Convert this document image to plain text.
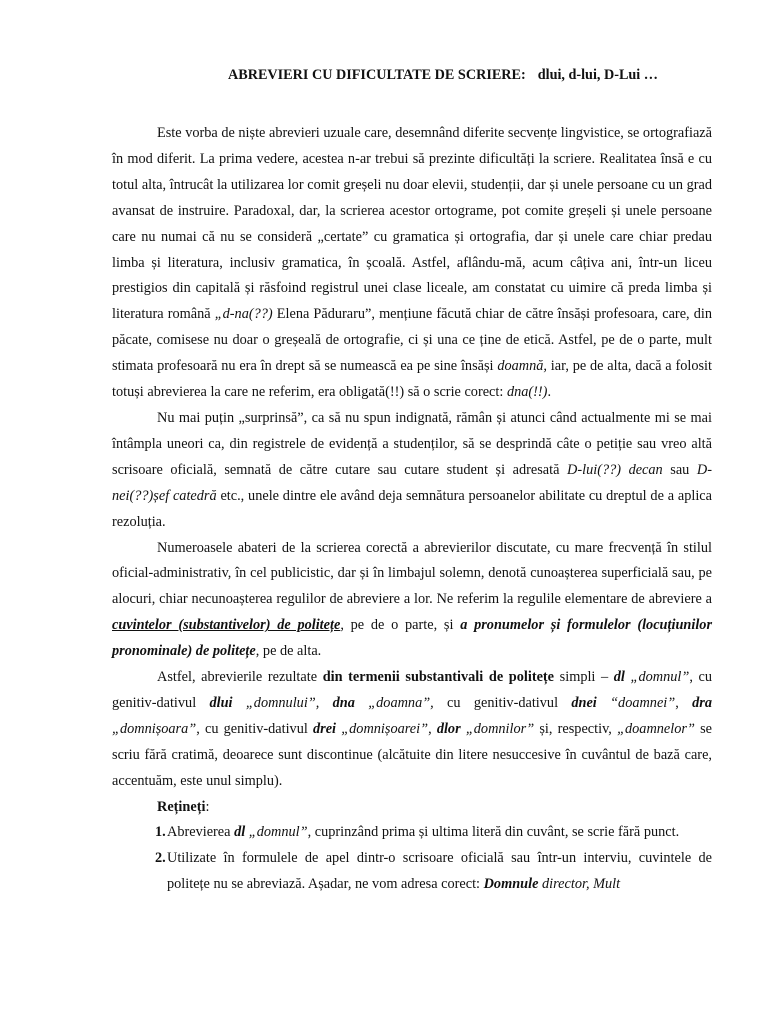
ABREVIERI CU DIFICULTATE DE SCRIERE: dlui, d-lui, D-Lui …

Este vorba de niște abrevieri uzuale care, desemnând diferite secvențe lingvistice, se ortografiază în mod diferit. La prima vedere, acestea n-ar trebui să prezinte dificultăți la scriere. Realitatea însă e cu totul alta, întrucât la utilizarea lor comit greșeli nu doar elevii, studenții, dar și unele persoane cu un grad avansat de instruire. Paradoxal, dar, la scrierea acestor ortograme, pot comite greșeli și unele persoane care nu numai că nu se consideră „certate” cu gramatica și ortografia, dar și unele care chiar predau limba și literatura, inclusiv gramatica, în școală. Astfel, aflându-mă, acum câțiva ani, într-un liceu prestigios din capitală și răsfoind registrul unei clase liceale, am constatat cu uimire că preda limba și literatura română „d-na(??) Elena Păduraru”, mențiune făcută chiar de către însăși profesoara, care, din păcate, comisese nu doar o greșeală de ortografie, ci și una ce ține de etică. Astfel, pe de o parte, mult stimata profesoară nu era în drept să se numească ea pe sine însăși doamnă, iar, pe de alta, dacă a folosit totuși abrevierea la care ne referim, era obligată(!!) să o scrie corect: dna(!!).

Nu mai puțin „surprinsă”, ca să nu spun indignată, rămân și atunci când actualmente mi se mai întâmpla uneori ca, din registrele de evidență a studenților, să se desprindă câte o petiție sau vreo altă scrisoare oficială, semnată de către cutare sau cutare student și adresată D-lui(??) decan sau D-nei(??)șef catedră etc., unele dintre ele având deja semnătura persoanelor abilitate cu dreptul de a aplica rezoluția.

Numeroasele abateri de la scrierea corectă a abrevierilor discutate, cu mare frecvență în stilul oficial-administrativ, în cel publicistic, dar și în limbajul solemn, denotă cunoașterea superficială sau, pe alocuri, chiar necunoașterea regulilor de abreviere a lor. Ne referim la regulile elementare de abreviere a cuvintelor (substantivelor) de politețe, pe de o parte, și a pronumelor și formulelor (locuțiunilor pronominale) de politețe, pe de alta.

Astfel, abrevierile rezultate din termenii substantivali de politețe simpli – dl „domnul”, cu genitiv-dativul dlui „domnului”, dna „doamna”, cu genitiv-dativul dnei “doamnei”, dra „domnișoara”, cu genitiv-dativul drei „domnișoarei”, dlor „domnilor” și, respectiv, „doamnelor” se scriu fără cratimă, deoarece sunt discontinue (alcătuite din litere nesuccesive în cuvântul de bază care, accentuăm, este unul simplu).

Rețineți:
1. Abrevierea dl „domnul”, cuprinzând prima și ultima literă din cuvânt, se scrie fără punct.
2. Utilizate în formulele de apel dintr-o scrisoare oficială sau într-un interviu, cuvintele de politețe nu se abreviază. Așadar, ne vom adresa corect: Domnule director, Mult
